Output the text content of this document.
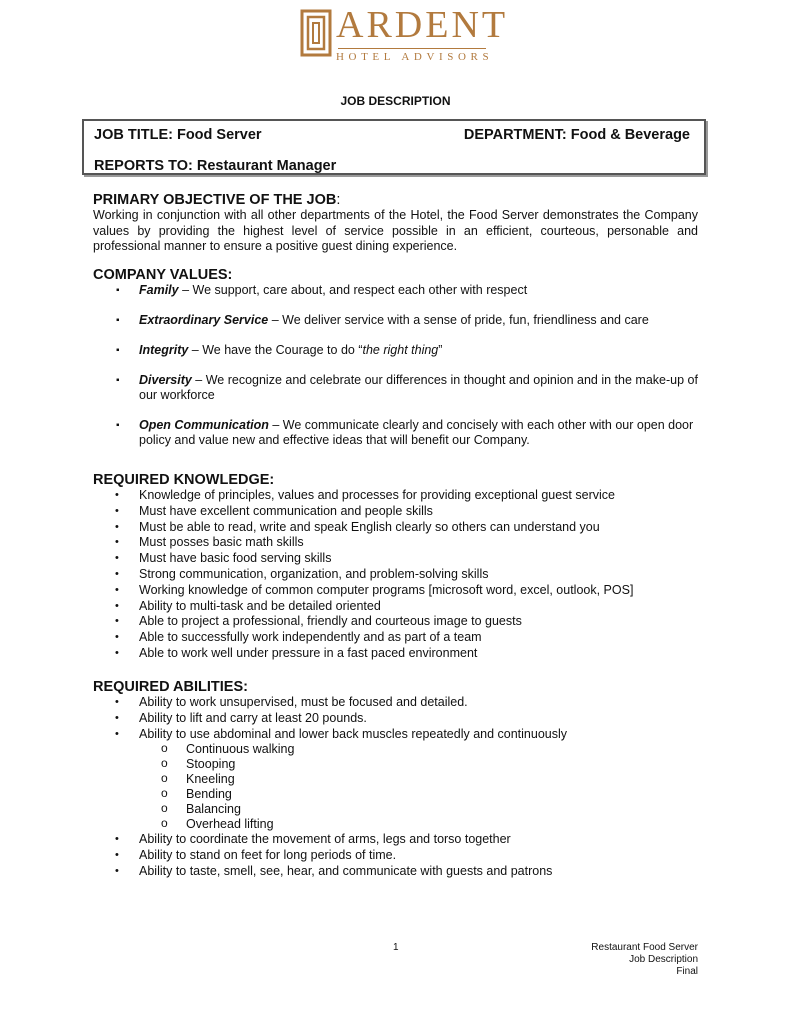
ARDENT
HOTEL ADVISORS
JOB DESCRIPTION
JOB TITLE: Food Server	DEPARTMENT: Food & Beverage
REPORTS TO: Restaurant Manager
PRIMARY OBJECTIVE OF THE JOB:
Working in conjunction with all other departments of the Hotel, the Food Server demonstrates the Company values by providing the highest level of service possible in an efficient, courteous, personable and professional manner to ensure a positive guest dining experience.
COMPANY VALUES:
▪ Family – We support, care about, and respect each other with respect
▪ Extraordinary Service – We deliver service with a sense of pride, fun, friendliness and care
▪ Integrity – We have the Courage to do “the right thing”
▪ Diversity – We recognize and celebrate our differences in thought and opinion and in the make-up of our workforce
▪ Open Communication – We communicate clearly and concisely with each other with our open door policy and value new and effective ideas that will benefit our Company.
REQUIRED KNOWLEDGE:
• Knowledge of principles, values and processes for providing exceptional guest service
• Must have excellent communication and people skills
• Must be able to read, write and speak English clearly so others can understand you
• Must posses basic math skills
• Must have basic food serving skills
• Strong communication, organization, and problem-solving skills
• Working knowledge of common computer programs [microsoft word, excel, outlook, POS]
• Ability to multi-task and be detailed oriented
• Able to project a professional, friendly and courteous image to guests
• Able to successfully work independently and as part of a team
• Able to work well under pressure in a fast paced environment
REQUIRED ABILITIES:
• Ability to work unsupervised, must be focused and detailed.
• Ability to lift and carry at least 20 pounds.
• Ability to use abdominal and lower back muscles repeatedly and continuously
o Continuous walking
o Stooping
o Kneeling
o Bending
o Balancing
o Overhead lifting
• Ability to coordinate the movement of arms, legs and torso together
• Ability to stand on feet for long periods of time.
• Ability to taste, smell, see, hear, and communicate with guests and patrons
1	Restaurant Food Server
Job Description
Final
